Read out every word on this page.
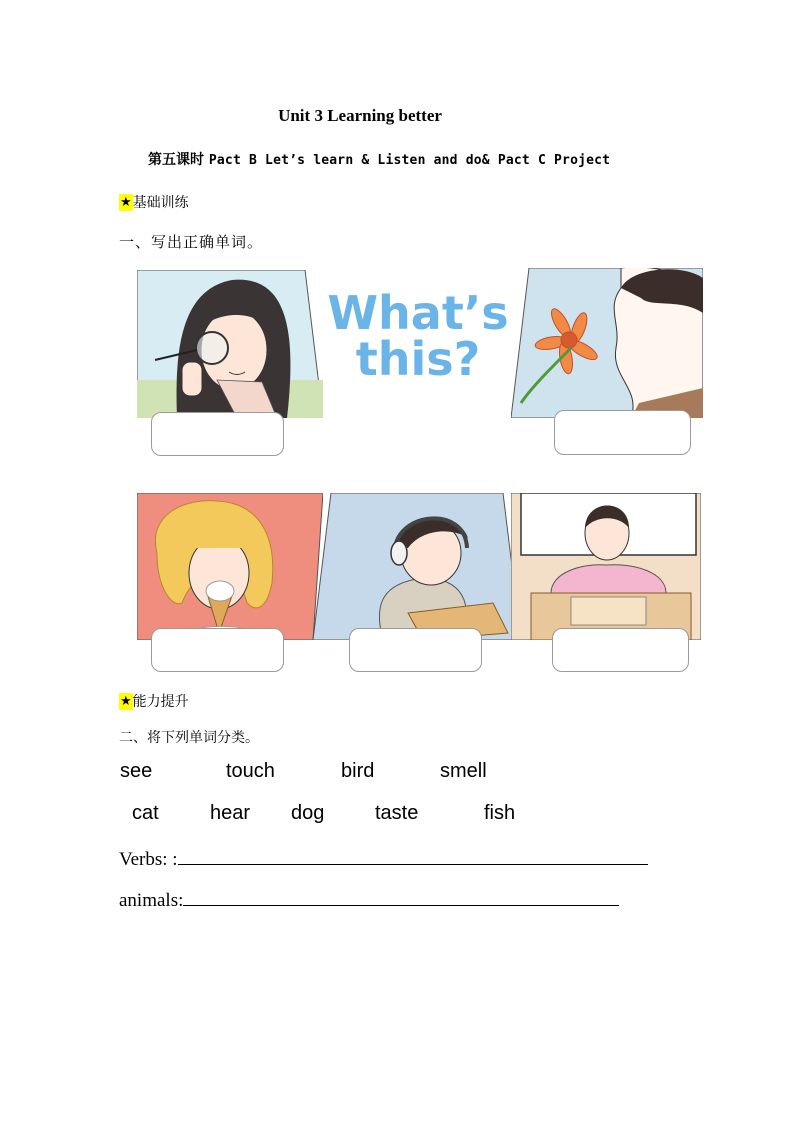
Unit 3 Learning better
第五课时 Pact B Let’s learn & Listen and do& Pact C Project
★ 基础训练
一、写出正确单词。
What’s
this?
★ 能力提升
二、将下列单词分类。
see	touch	bird	smell
cat	hear dog	taste	fish
Verbs: :
animals:
